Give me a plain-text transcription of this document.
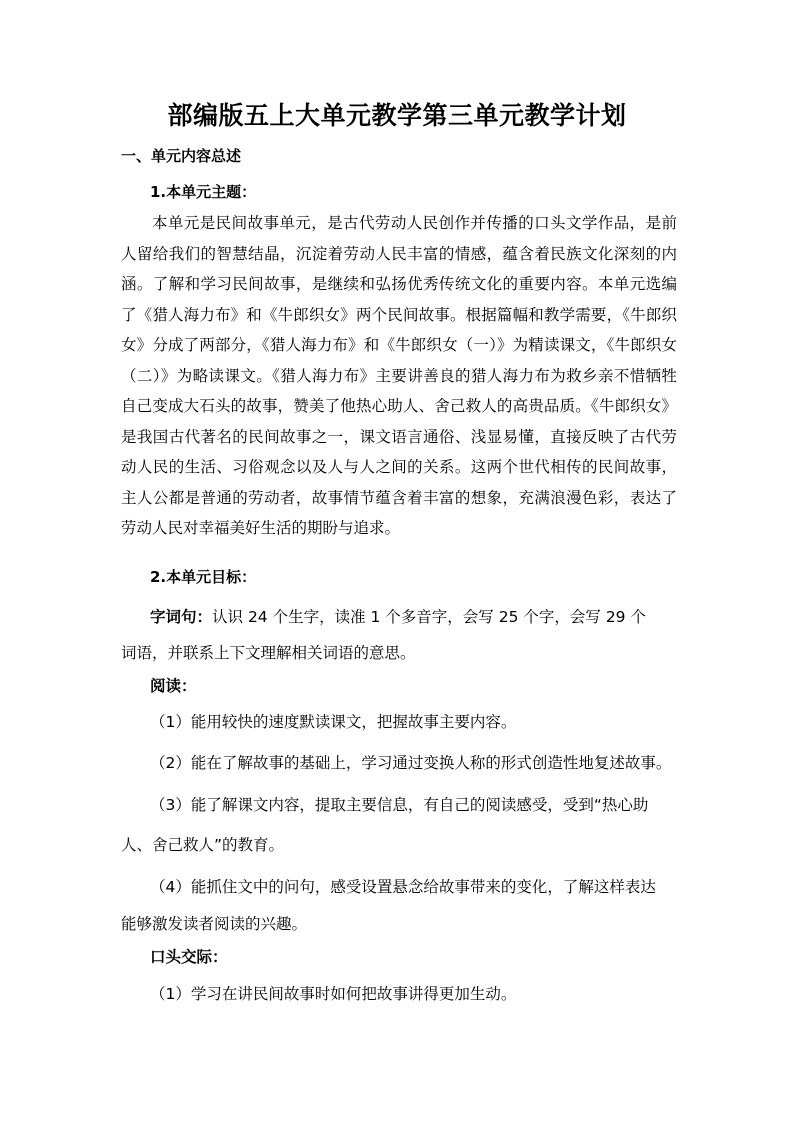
部编版五上大单元教学第三单元教学计划

一、单元内容总述

1.本单元主题：

本单元是民间故事单元，是古代劳动人民创作并传播的口头文学作品，是前人留给我们的智慧结晶，沉淀着劳动人民丰富的情感，蕴含着民族文化深刻的内涵。了解和学习民间故事，是继续和弘扬优秀传统文化的重要内容。本单元选编了《猎人海力布》和《牛郎织女》两个民间故事。根据篇幅和教学需要，《牛郎织女》分成了两部分，《猎人海力布》和《牛郎织女（一）》为精读课文，《牛郎织女（二）》为略读课文。《猎人海力布》主要讲善良的猎人海力布为救乡亲不惜牺牲自己变成大石头的故事，赞美了他热心助人、舍己救人的高贵品质。《牛郎织女》是我国古代著名的民间故事之一，课文语言通俗、浅显易懂，直接反映了古代劳动人民的生活、习俗观念以及人与人之间的关系。这两个世代相传的民间故事，主人公都是普通的劳动者，故事情节蕴含着丰富的想象，充满浪漫色彩，表达了劳动人民对幸福美好生活的期盼与追求。

2.本单元目标：

字词句：认识 24 个生字，读准 1 个多音字，会写 25 个字，会写 29 个

词语，并联系上下文理解相关词语的意思。

阅读：

（1）能用较快的速度默读课文，把握故事主要内容。

（2）能在了解故事的基础上，学习通过变换人称的形式创造性地复述故事。

（3）能了解课文内容，提取主要信息，有自己的阅读感受，受到“热心助

人、舍己救人”的教育。

（4）能抓住文中的问句，感受设置悬念给故事带来的变化，了解这样表达

能够激发读者阅读的兴趣。

口头交际：

（1）学习在讲民间故事时如何把故事讲得更加生动。
